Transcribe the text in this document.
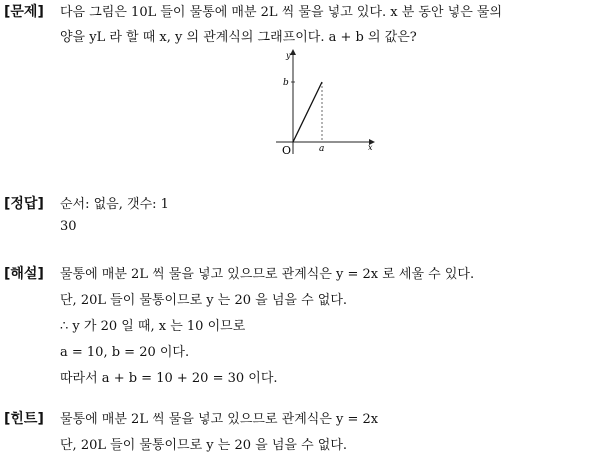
[문제] 다음 그림은 10L 들이 물통에 매분 2L 씩 물을 넣고 있다. x 분 동안 넣은 물의
양을 yL 라 할 때 x, y 의 관계식의 그래프이다. a + b 의 값은?
y
x
O
b
a
[정답] 순서: 없음, 갯수: 1
30
[해설] 물통에 매분 2L 씩 물을 넣고 있으므로 관계식은 y = 2x 로 세울 수 있다.
단, 20L 들이 물통이므로 y 는 20 을 넘을 수 없다.
∴ y 가 20 일 때, x 는 10 이므로
a = 10, b = 20 이다.
따라서 a + b = 10 + 20 = 30 이다.
[힌트] 물통에 매분 2L 씩 물을 넣고 있으므로 관계식은 y = 2x
단, 20L 들이 물통이므로 y 는 20 을 넘을 수 없다.
